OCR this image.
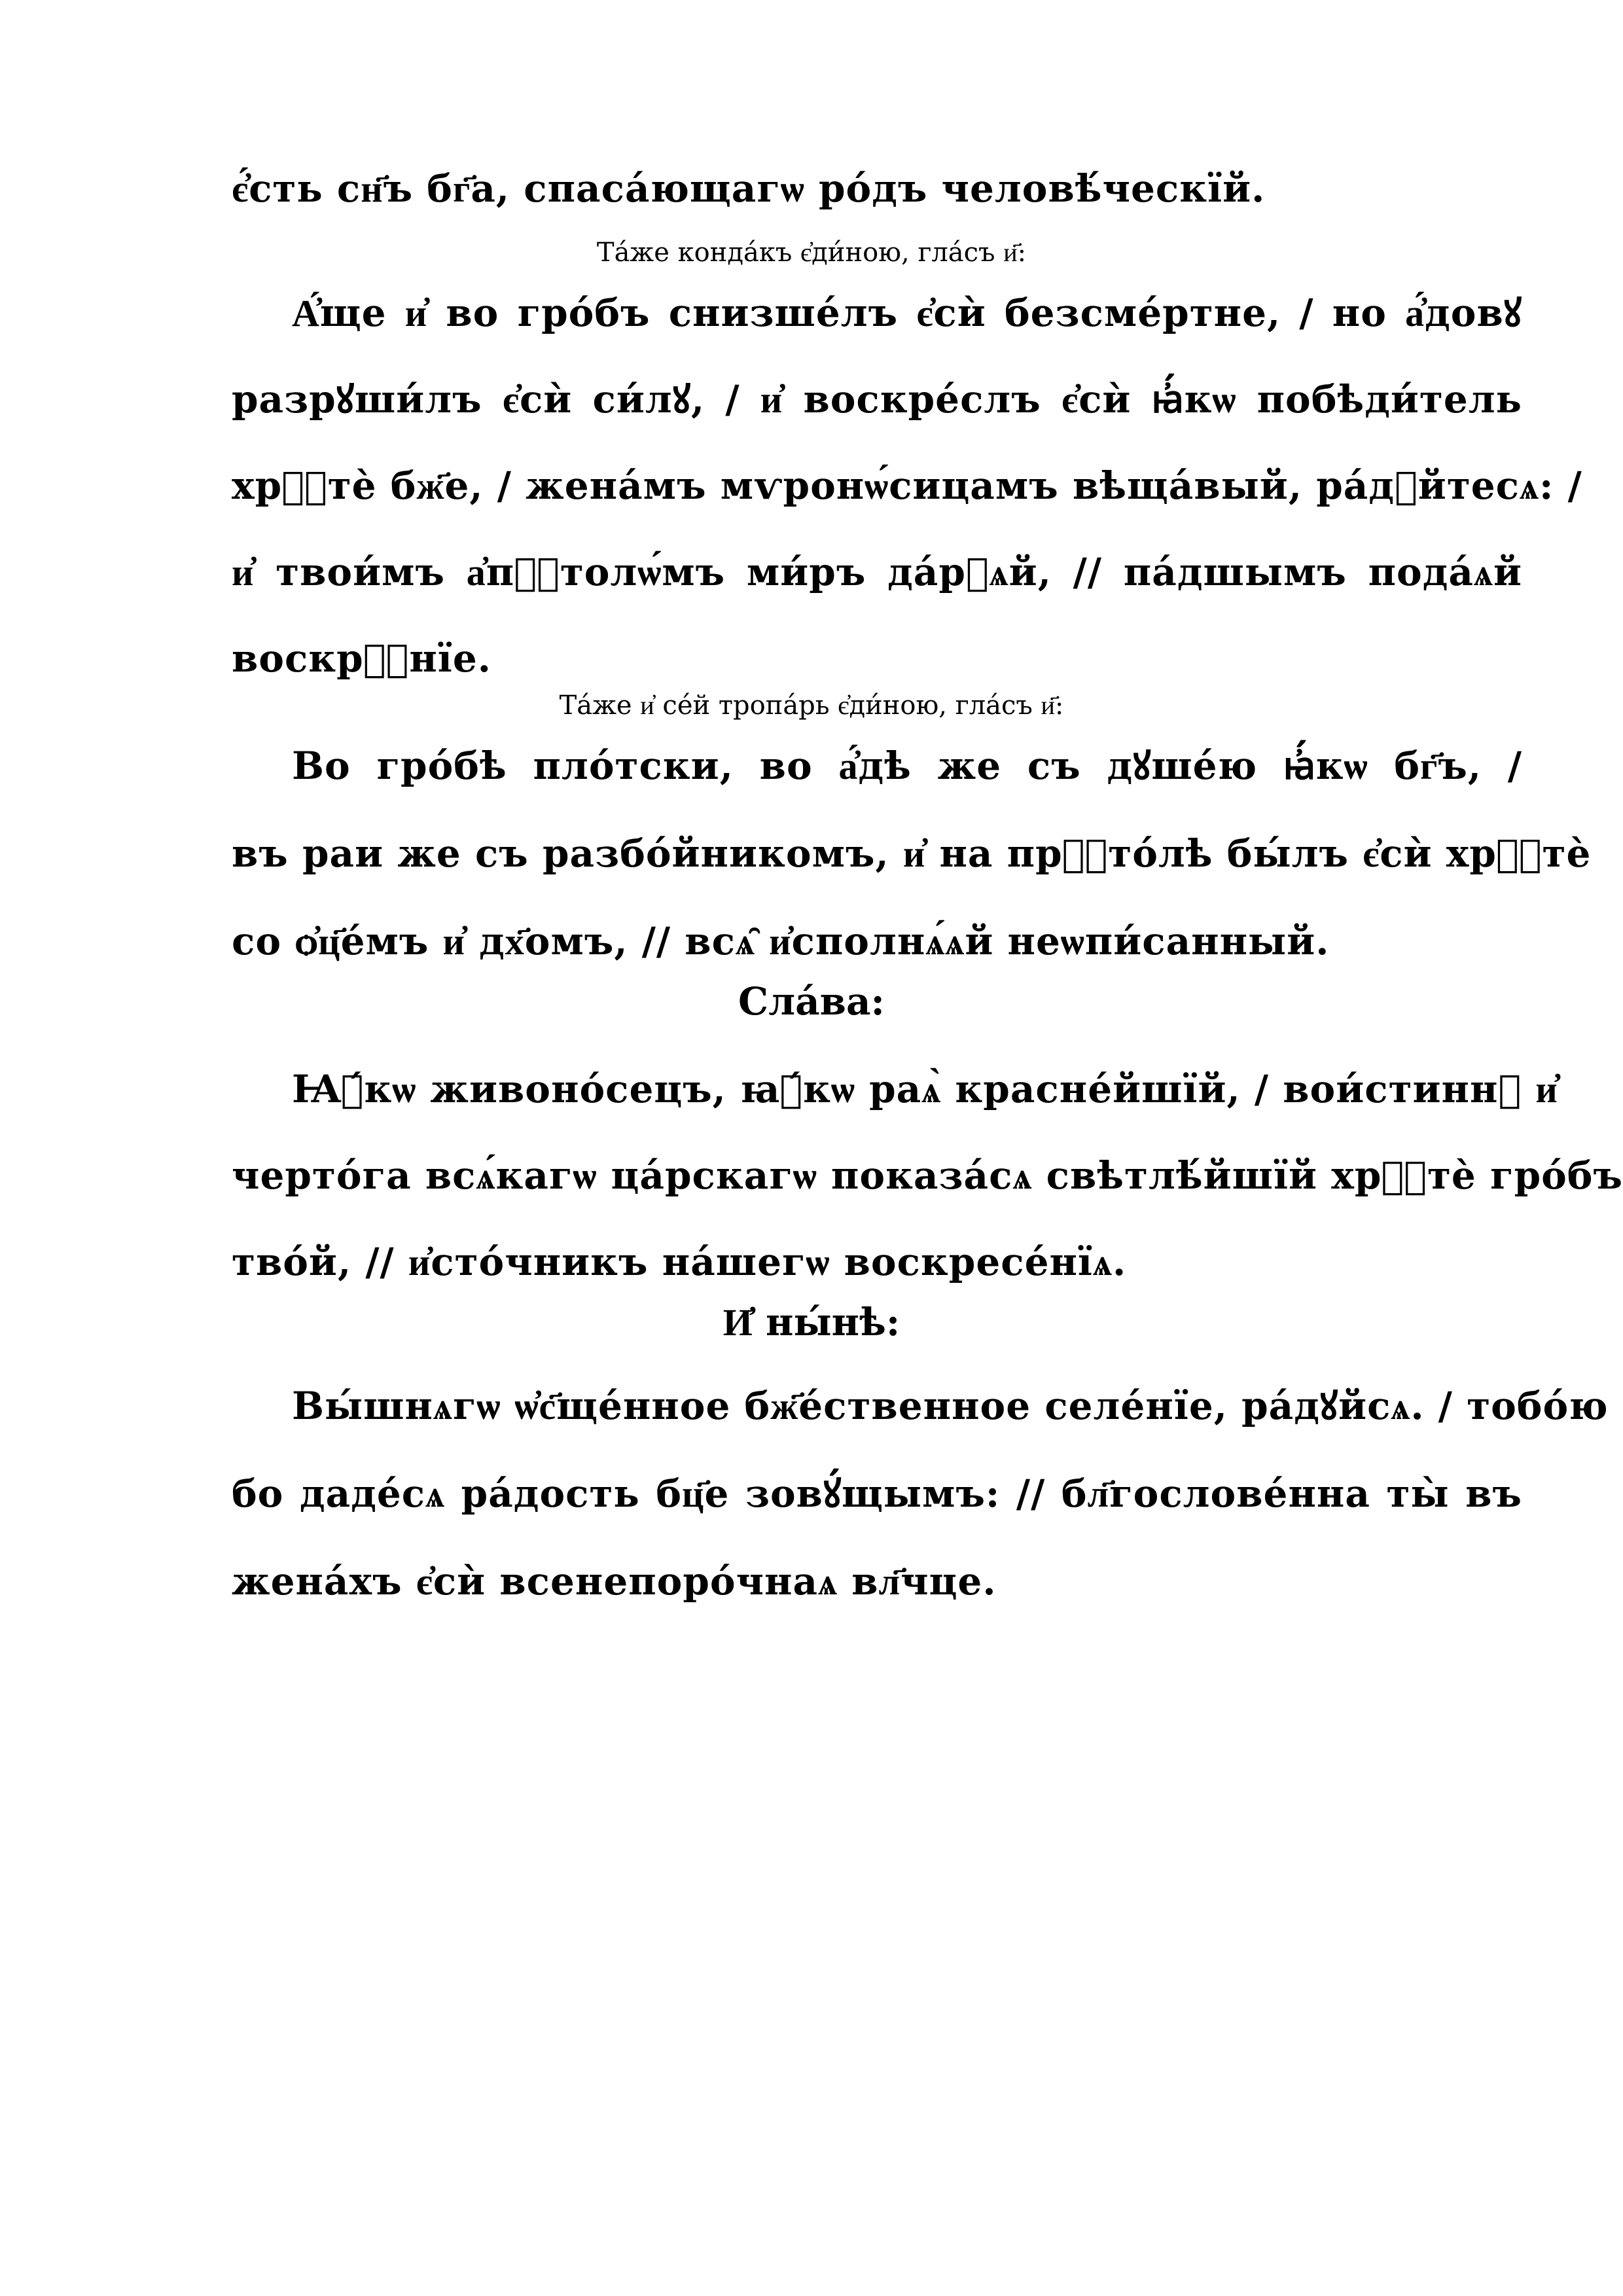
є҆́сть сн҃ъ бг҃а, спаса́ющагѡ ро́дъ человѣ́ческїй.
Та́же конда́къ є҆ди́ною, гла́съ и҃:
А҆́ще и҆ во гро́бъ снизше́лъ є҆сѝ безсме́ртне, / но а҆́довꙋ
разрꙋши́лъ є҆сѝ си́лꙋ, / и҆ воскре́слъ є҆сѝ ꙗ҆́кѡ побѣди́тель
хрⷭ҇тѐ бж҃е, / жена́мъ мѵронѡ́сицамъ вѣща́вый, ра́дꙋйтесѧ: /
и҆ твои́мъ а҆пⷭ҇толѡ́мъ ми́ръ да́рꙋѧй, // па́дшымъ пода́ѧй
воскрⷭ҇нїе.
Та́же и҆ се́й тропа́рь є҆ди́ною, гла́съ и҃:
Во гро́бѣ пло́тски, во а҆́дѣ же съ дꙋше́ю ꙗ҆́кѡ бг҃ъ, /
въ раи же съ разбо́йникомъ, и҆ на прⷭ҇то́лѣ бы́лъ є҆сѝ хрⷭ҇тѐ
со ѻ҆ц҃е́мъ и҆ дх҃омъ, // всѧ̑ и҆сполнѧ́ѧй неѡпи́санный.
Сла́ва:
Ꙗ҆́кѡ живоно́сецъ, ꙗ҆́кѡ раѧ̀ красне́йшїй, / вои́стиннꙋ и҆
черто́га всѧ́кагѡ ца́рскагѡ показа́сѧ свѣтлѣ́йшїй хрⷭ҇тѐ гро́бъ
тво́й, // и҆сто́чникъ на́шегѡ воскресе́нїѧ.
И҆ ны́нѣ:
Вы́шнѧгѡ ѡ҆с҃ще́нное бж҃е́ственное селе́нїе, ра́дꙋйсѧ. / тобо́ю
бо даде́сѧ ра́дость бц҃е зовꙋ́щымъ: // бл҃гослове́нна ты̀ въ
жена́хъ є҆сѝ всенепоро́чнаѧ вл҃чце.
